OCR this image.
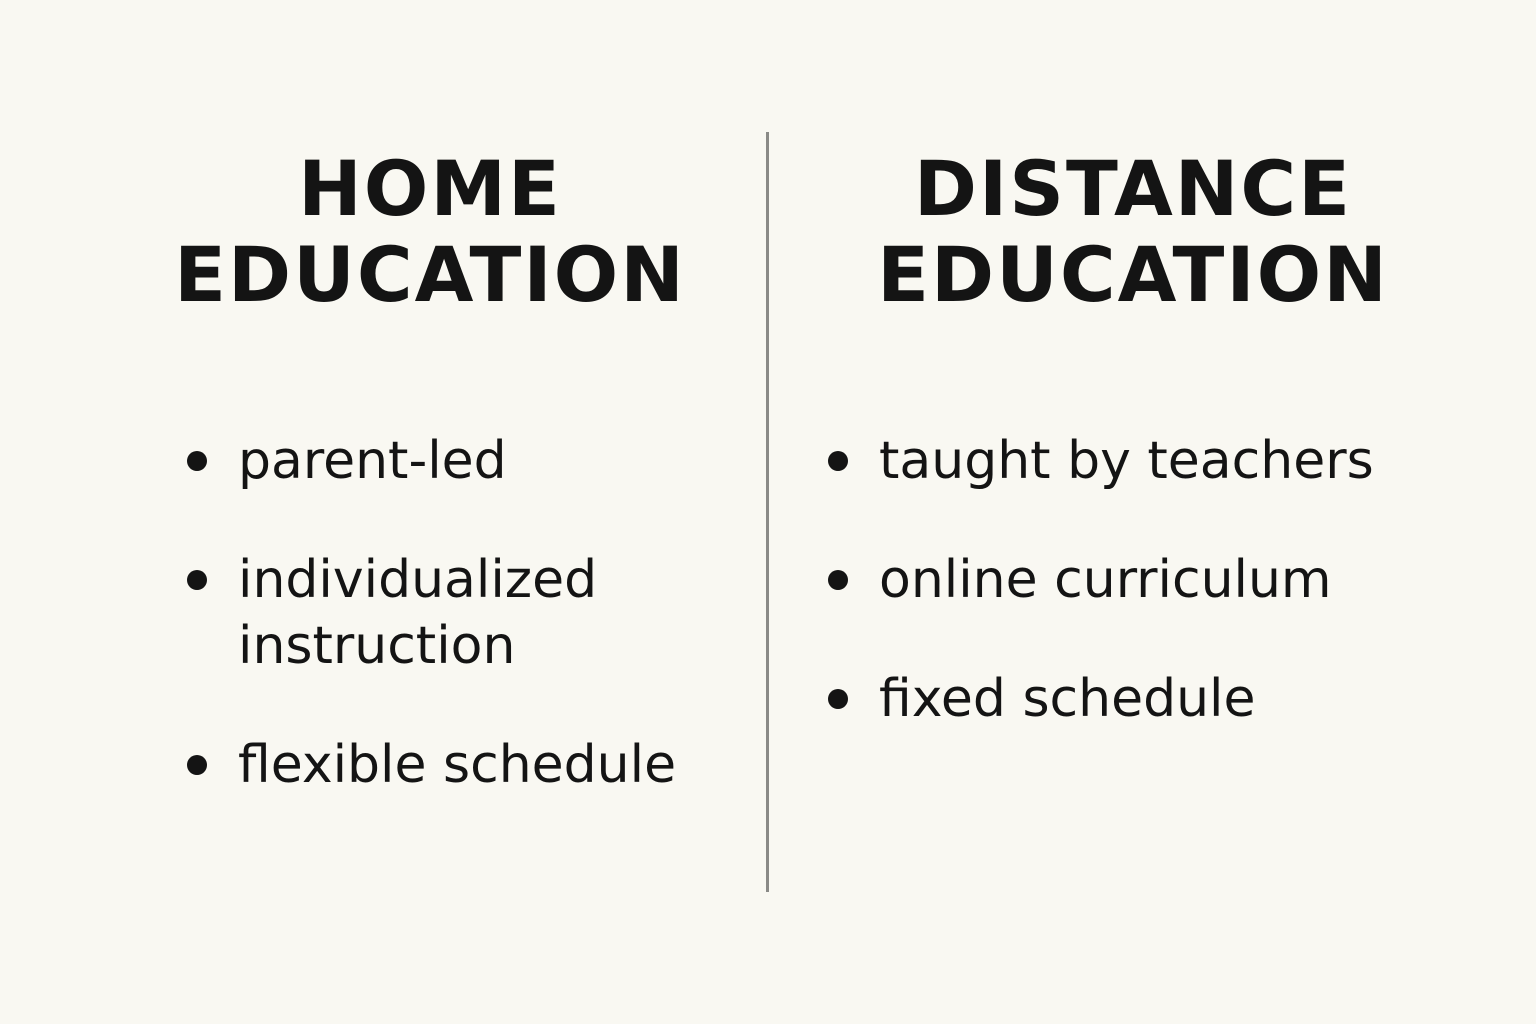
HOME
EDUCATION
DISTANCE
EDUCATION
parent-led
individualized
instruction
flexible schedule
taught by teachers
online curriculum
fixed schedule
